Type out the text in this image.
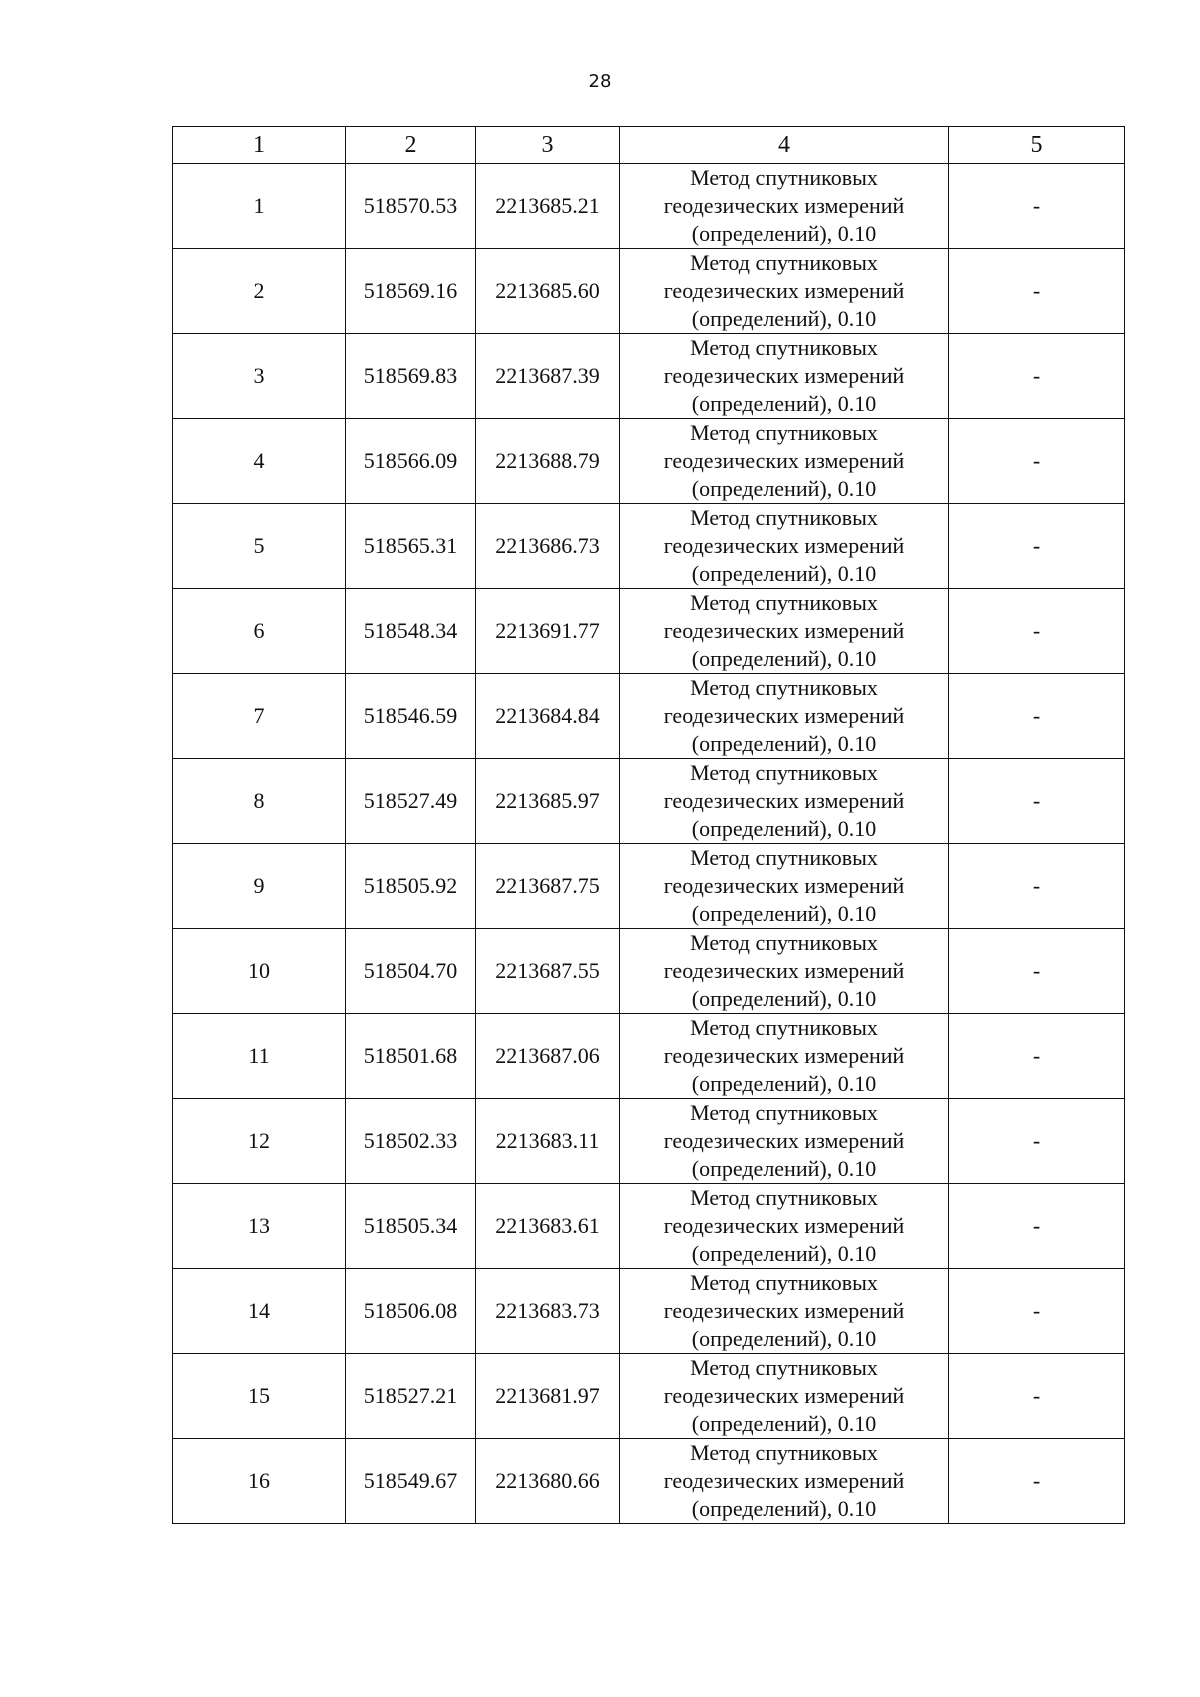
28
1	2	3	4	5
1	518570.53	2213685.21	Метод спутниковых
геодезических измерений
(определений), 0.10	-
2	518569.16	2213685.60	Метод спутниковых
геодезических измерений
(определений), 0.10	-
3	518569.83	2213687.39	Метод спутниковых
геодезических измерений
(определений), 0.10	-
4	518566.09	2213688.79	Метод спутниковых
геодезических измерений
(определений), 0.10	-
5	518565.31	2213686.73	Метод спутниковых
геодезических измерений
(определений), 0.10	-
6	518548.34	2213691.77	Метод спутниковых
геодезических измерений
(определений), 0.10	-
7	518546.59	2213684.84	Метод спутниковых
геодезических измерений
(определений), 0.10	-
8	518527.49	2213685.97	Метод спутниковых
геодезических измерений
(определений), 0.10	-
9	518505.92	2213687.75	Метод спутниковых
геодезических измерений
(определений), 0.10	-
10	518504.70	2213687.55	Метод спутниковых
геодезических измерений
(определений), 0.10	-
11	518501.68	2213687.06	Метод спутниковых
геодезических измерений
(определений), 0.10	-
12	518502.33	2213683.11	Метод спутниковых
геодезических измерений
(определений), 0.10	-
13	518505.34	2213683.61	Метод спутниковых
геодезических измерений
(определений), 0.10	-
14	518506.08	2213683.73	Метод спутниковых
геодезических измерений
(определений), 0.10	-
15	518527.21	2213681.97	Метод спутниковых
геодезических измерений
(определений), 0.10	-
16	518549.67	2213680.66	Метод спутниковых
геодезических измерений
(определений), 0.10	-
